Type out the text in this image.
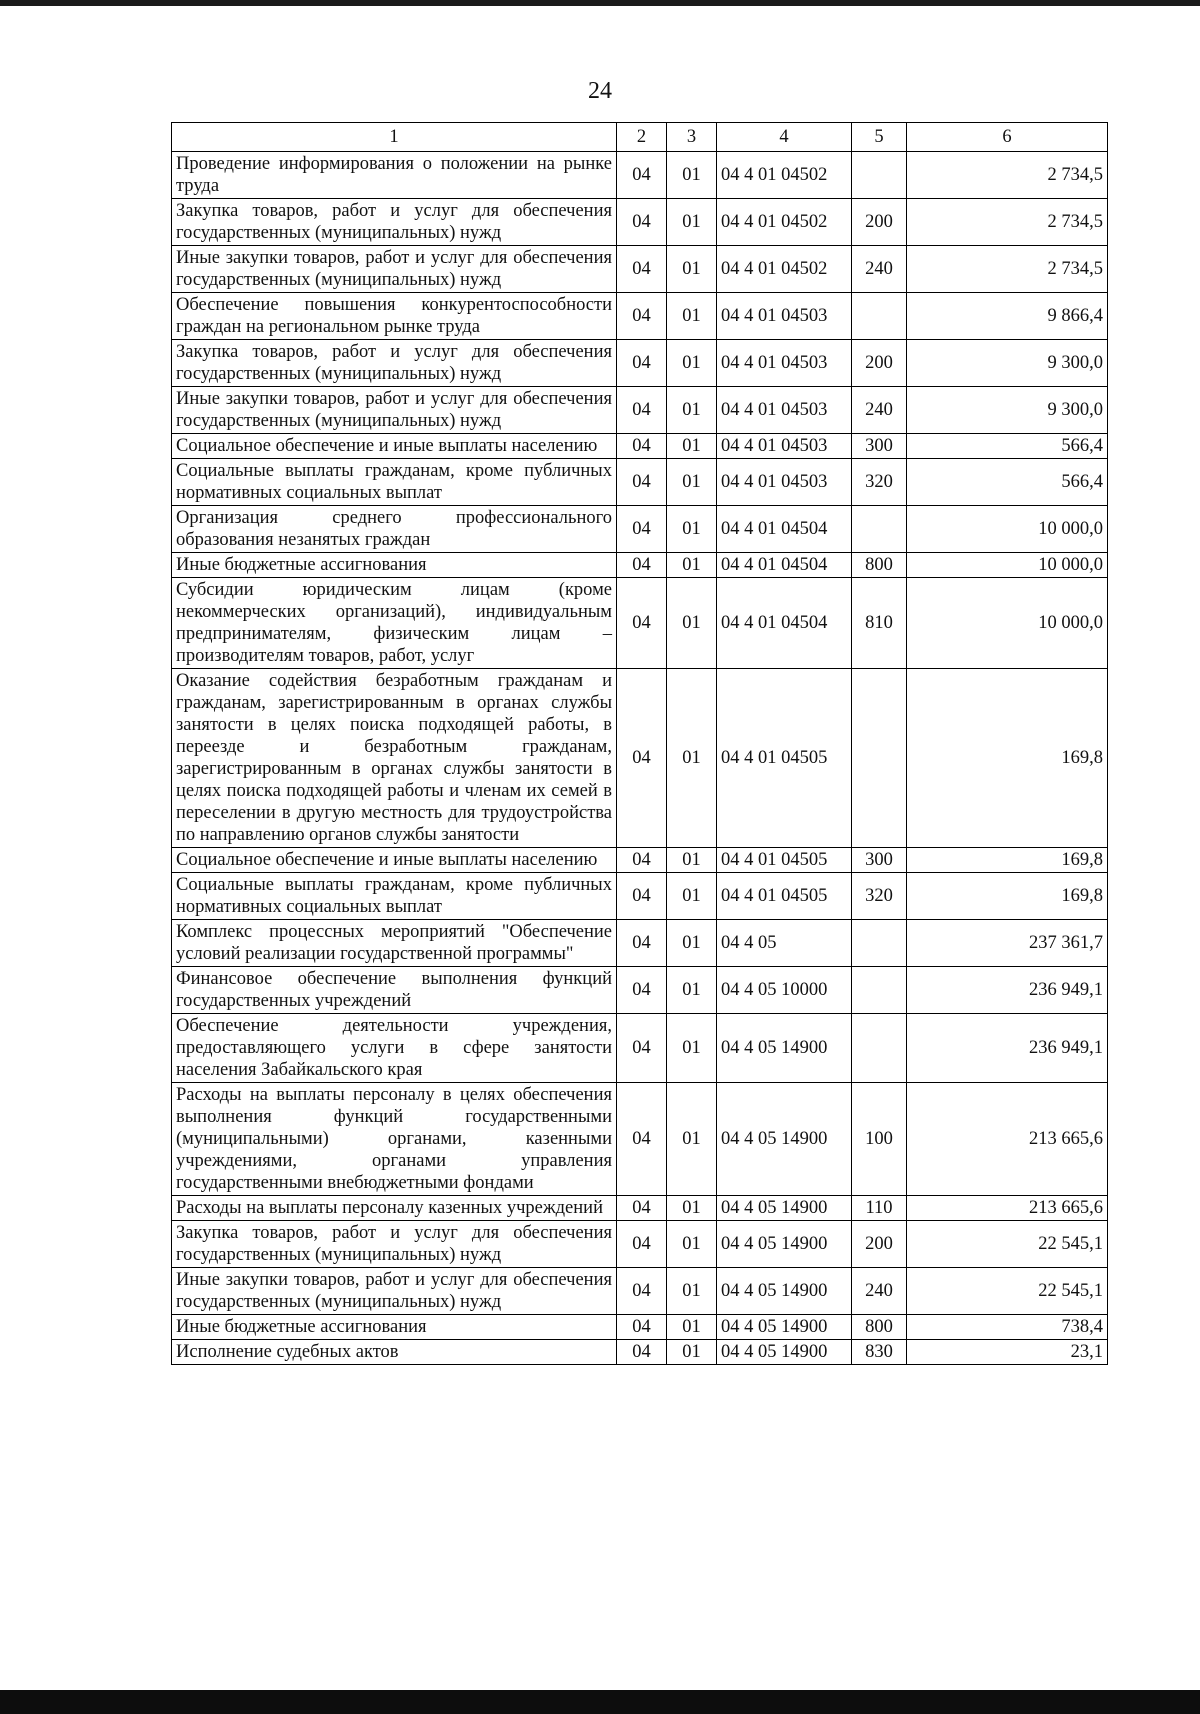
24
1	2	3	4	5	6
Проведение информирования о положении на рынке труда	04	01	04 4 01 04502		2 734,5
Закупка товаров, работ и услуг для обеспечения государственных (муниципальных) нужд	04	01	04 4 01 04502	200	2 734,5
Иные закупки товаров, работ и услуг для обеспечения государственных (муниципальных) нужд	04	01	04 4 01 04502	240	2 734,5
Обеспечение повышения конкурентоспособности граждан на региональном рынке труда	04	01	04 4 01 04503		9 866,4
Закупка товаров, работ и услуг для обеспечения государственных (муниципальных) нужд	04	01	04 4 01 04503	200	9 300,0
Иные закупки товаров, работ и услуг для обеспечения государственных (муниципальных) нужд	04	01	04 4 01 04503	240	9 300,0
Социальное обеспечение и иные выплаты населению	04	01	04 4 01 04503	300	566,4
Социальные выплаты гражданам, кроме публичных нормативных социальных выплат	04	01	04 4 01 04503	320	566,4
Организация среднего профессионального образования незанятых граждан	04	01	04 4 01 04504		10 000,0
Иные бюджетные ассигнования	04	01	04 4 01 04504	800	10 000,0
Субсидии юридическим лицам (кроме некоммерческих организаций), индивидуальным предпринимателям, физическим лицам – производителям товаров, работ, услуг	04	01	04 4 01 04504	810	10 000,0
Оказание содействия безработным гражданам и гражданам, зарегистрированным в органах службы занятости в целях поиска подходящей работы, в переезде и безработным гражданам, зарегистрированным в органах службы занятости в целях поиска подходящей работы и членам их семей в переселении в другую местность для трудоустройства по направлению органов службы занятости	04	01	04 4 01 04505		169,8
Социальное обеспечение и иные выплаты населению	04	01	04 4 01 04505	300	169,8
Социальные выплаты гражданам, кроме публичных нормативных социальных выплат	04	01	04 4 01 04505	320	169,8
Комплекс процессных мероприятий "Обеспечение условий реализации государственной программы"	04	01	04 4 05		237 361,7
Финансовое обеспечение выполнения функций государственных учреждений	04	01	04 4 05 10000		236 949,1
Обеспечение деятельности учреждения, предоставляющего услуги в сфере занятости населения Забайкальского края	04	01	04 4 05 14900		236 949,1
Расходы на выплаты персоналу в целях обеспечения выполнения функций государственными (муниципальными) органами, казенными учреждениями, органами управления государственными внебюджетными фондами	04	01	04 4 05 14900	100	213 665,6
Расходы на выплаты персоналу казенных учреждений	04	01	04 4 05 14900	110	213 665,6
Закупка товаров, работ и услуг для обеспечения государственных (муниципальных) нужд	04	01	04 4 05 14900	200	22 545,1
Иные закупки товаров, работ и услуг для обеспечения государственных (муниципальных) нужд	04	01	04 4 05 14900	240	22 545,1
Иные бюджетные ассигнования	04	01	04 4 05 14900	800	738,4
Исполнение судебных актов	04	01	04 4 05 14900	830	23,1
